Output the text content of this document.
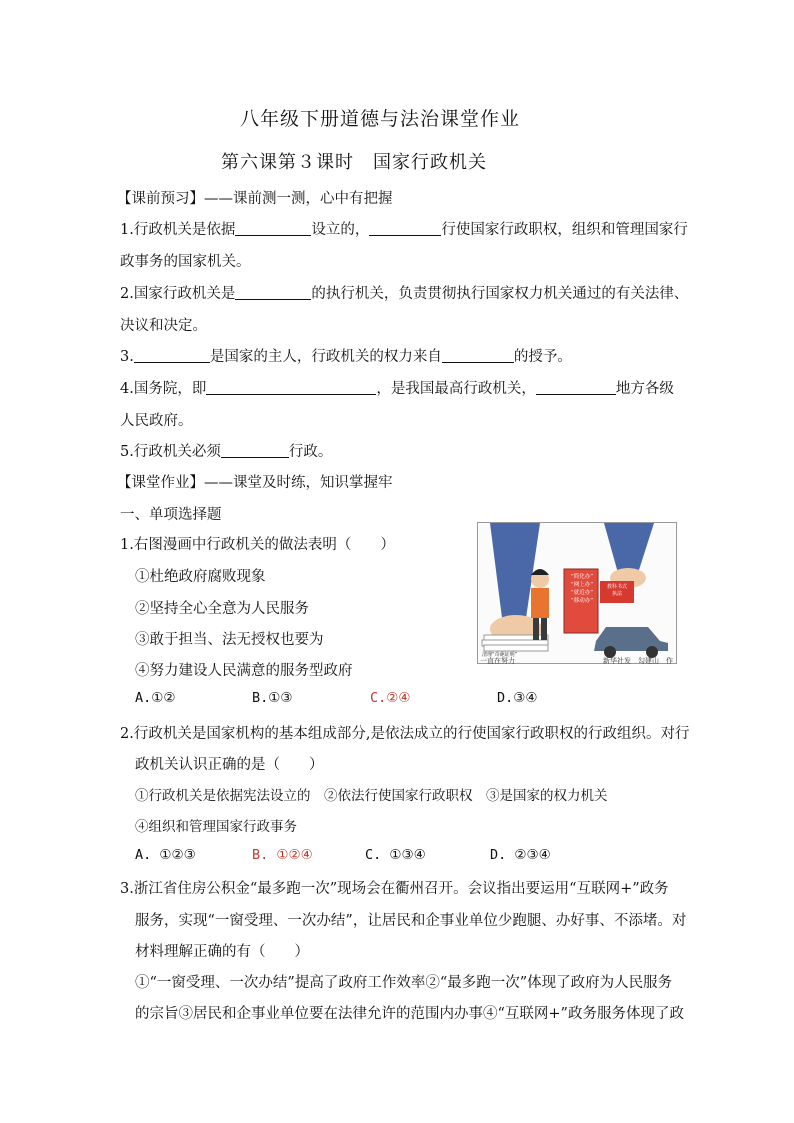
八年级下册道德与法治课堂作业
第六课第３课时　国家行政机关
【课前预习】——课前测一测，心中有把握
1.行政机关是依据	设立的，	行使国家行政职权，组织和管理国家行
政事务的国家机关。
2.国家行政机关是	的执行机关，负责贯彻执行国家权力机关通过的有关法律、
决议和决定。
3.	是国家的主人，行政机关的权力来自	的授予。
4.国务院，即	，是我国最高行政机关，	地方各级
人民政府。
5.行政机关必须	行政。
【课堂作业】——课堂及时练，知识掌握牢
一、单项选择题
1.右图漫画中行政机关的做法表明（　　）
①杜绝政府腐败现象
②坚持全心全意为人民服务
③敢于担当、法无授权也要为
④努力建设人民满意的服务型政府
A.①②	B.①③	C.②④	D.③④
“简化办”
“网上办”
“就近办”
“移动办”
教科书式
执法
清理“奇葩证明”
一直在努力	新华社发　勾建山　作
2.行政机关是国家机构的基本组成部分,是依法成立的行使国家行政职权的行政组织。对行
政机关认识正确的是（　　）
①行政机关是依据宪法设立的　②依法行使国家行政职权　③是国家的权力机关
④组织和管理国家行政事务
A. ①②③	B. ①②④	C. ①③④	D. ②③④
3.浙江省住房公积金“最多跑一次”现场会在衢州召开。会议指出要运用“互联网+”政务
服务，实现“一窗受理、一次办结”，让居民和企事业单位少跑腿、办好事、不添堵。对
材料理解正确的有（　　）
①“一窗受理、一次办结”提高了政府工作效率②“最多跑一次”体现了政府为人民服务
的宗旨③居民和企事业单位要在法律允许的范围内办事④“互联网+”政务服务体现了政
